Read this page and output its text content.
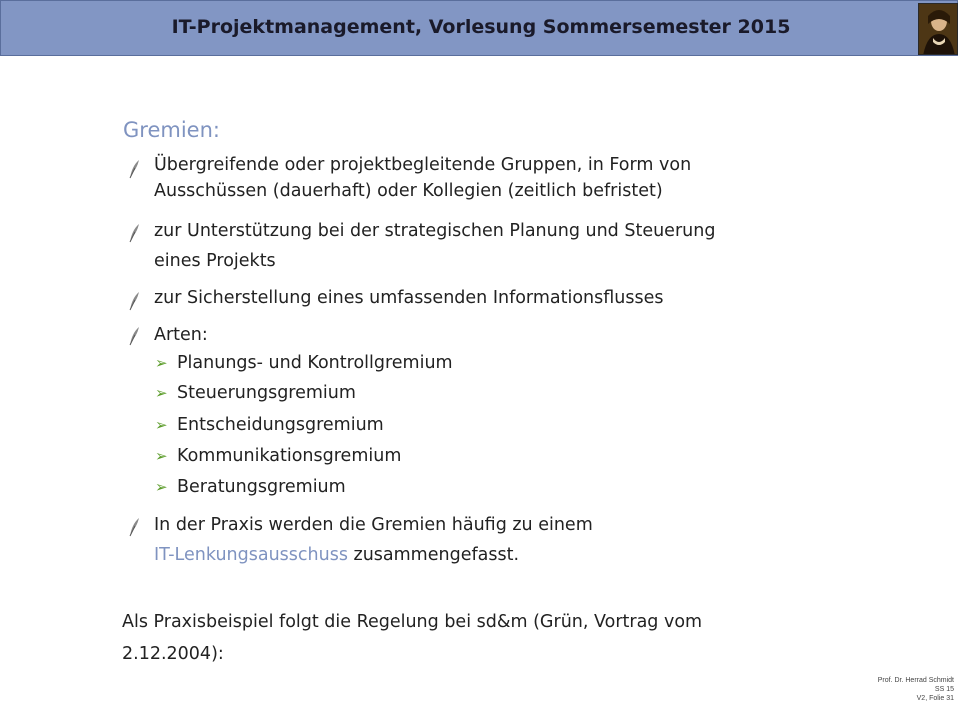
IT-Projektmanagement, Vorlesung Sommersemester 2015
Gremien:
Übergreifende oder projektbegleitende Gruppen, in Form von
Ausschüssen (dauerhaft) oder Kollegien (zeitlich befristet)
zur Unterstützung bei der strategischen Planung und Steuerung
eines Projekts
zur Sicherstellung eines umfassenden Informationsflusses
Arten:
➢ Planungs- und Kontrollgremium
➢ Steuerungsgremium
➢ Entscheidungsgremium
➢ Kommunikationsgremium
➢ Beratungsgremium
In der Praxis werden die Gremien häufig zu einem
IT-Lenkungsausschuss zusammengefasst.
Als Praxisbeispiel folgt die Regelung bei sd&m (Grün, Vortrag vom
2.12.2004):
Prof. Dr. Herrad Schmidt
SS 15
V2, Folie 31
